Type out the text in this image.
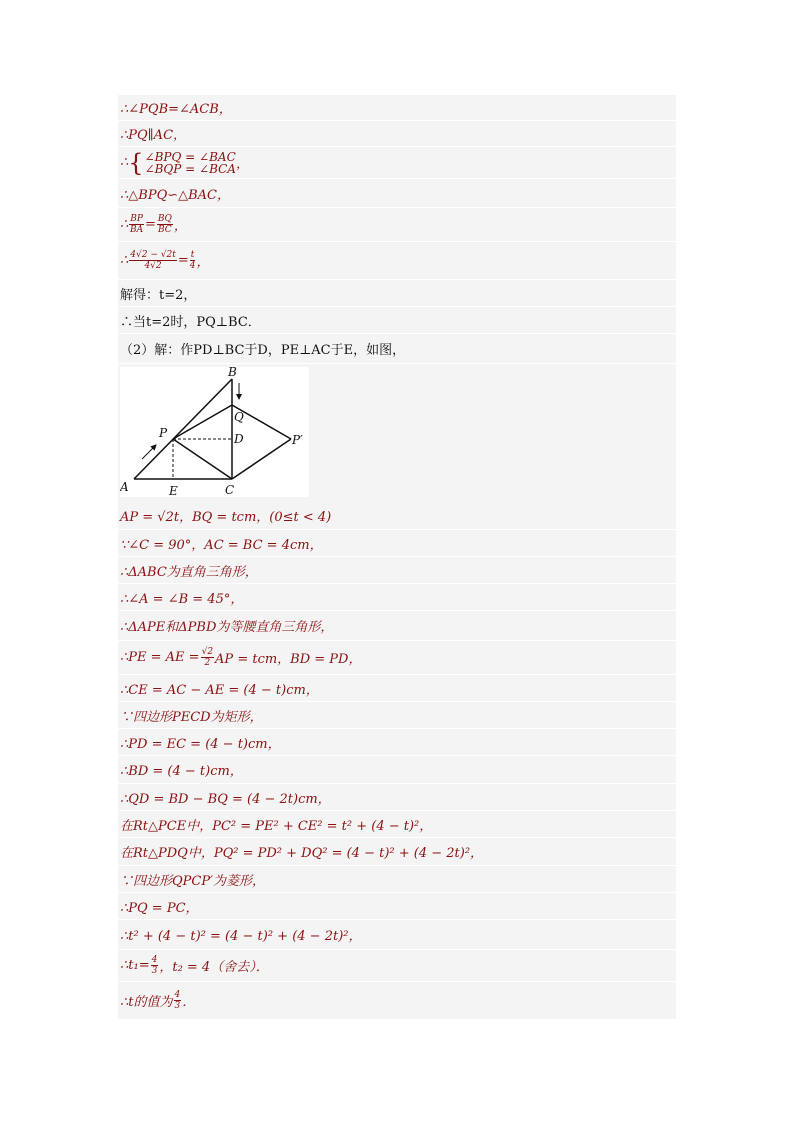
∴∠PQB=∠ACB，
∴PQ∥AC，
∴ { ∠BPQ = ∠BAC
∠BQP = ∠BCA ，
∴△BPQ∽△BAC，
∴ $\frac{BP}{BA} = \frac{BQ}{BC}$ ，
∴ $\frac{4√2 - √2t}{4√2} = \frac{t}{4}$ ，
解得：t=2，
∴当t=2时，PQ⊥BC．
（2）解：作PD⊥BC于D，PE⊥AC于E，如图，
AP = √2t，BQ = tcm，(0≤t < 4)
∵∠C = 90°，AC = BC = 4cm，
∴ΔABC为直角三角形，
∴∠A = ∠B = 45°，
∴ΔAPE和ΔPBD为等腰直角三角形，
∴PE = AE = $\frac{√2}{2}$ AP = tcm，BD = PD，
∴CE = AC − AE = (4 − t)cm，
∵四边形PECD为矩形，
∴PD = EC = (4 − t)cm，
∴BD = (4 − t)cm，
∴QD = BD − BQ = (4 − 2t)cm，
在Rt△PCE中，PC² = PE² + CE² = t² + (4 − t)²，
在Rt△PDQ中，PQ² = PD² + DQ² = (4 − t)² + (4 − 2t)²，
∵四边形QPCP′为菱形，
∴PQ = PC，
∴t² + (4 − t)² = (4 − t)² + (4 − 2t)²，
∴t₁= $\frac{4}{3}$ ，t₂ = 4（舍去）．
∴t的值为 $\frac{4}{3}$ ．
A
B
C
P
Q
D
E
P′
